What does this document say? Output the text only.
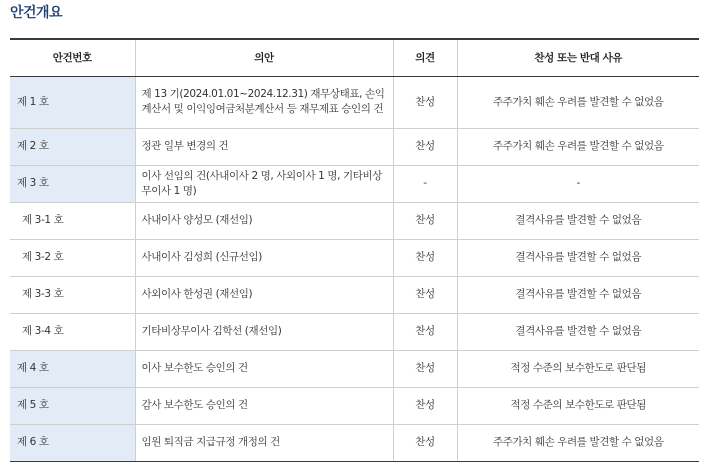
안건개요
안건번호	의안	의견	찬성 또는 반대 사유
제 1 호	제 13 기(2024.01.01~2024.12.31) 재무상태표, 손익계산서 및 이익잉여금처분계산서 등 재무제표 승인의 건	찬성	주주가치 훼손 우려를 발견할 수 없었음
제 2 호	정관 일부 변경의 건	찬성	주주가치 훼손 우려를 발견할 수 없었음
제 3 호	이사 선임의 건(사내이사 2 명, 사외이사 1 명, 기타비상무이사 1 명)	-	-
제 3-1 호	사내이사 양성모 (재선임)	찬성	결격사유를 발견할 수 없었음
제 3-2 호	사내이사 김성희 (신규선임)	찬성	결격사유를 발견할 수 없었음
제 3-3 호	사외이사 한성권 (재선임)	찬성	결격사유를 발견할 수 없었음
제 3-4 호	기타비상무이사 김학선 (재선임)	찬성	결격사유를 발견할 수 없었음
제 4 호	이사 보수한도 승인의 건	찬성	적정 수준의 보수한도로 판단됨
제 5 호	감사 보수한도 승인의 건	찬성	적정 수준의 보수한도로 판단됨
제 6 호	임원 퇴직금 지급규정 개정의 건	찬성	주주가치 훼손 우려를 발견할 수 없었음
